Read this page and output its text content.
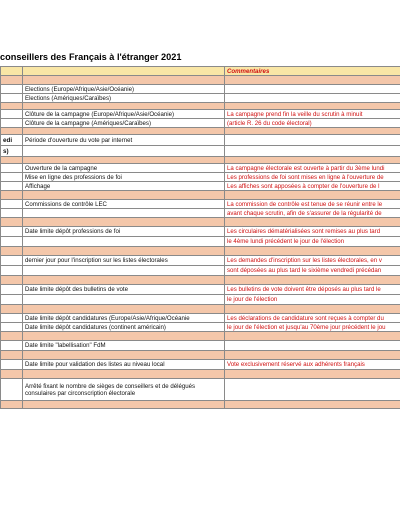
conseillers des Français à l'étranger 2021
		Commentaires

	Elections (Europe/Afrique/Asie/Océanie)	
	Elections (Amériques/Caraïbes)	

	Clôture de la campagne (Europe/Afrique/Asie/Océanie)	La campagne prend fin la veille du scrutin à minuit
	Clôture de la campagne (Amériques/Caraïbes)	(article R. 26 du code électoral)

edi	Période d'ouverture du vote par internet	
s)		

	Ouverture de la campagne	La campagne électorale est ouverte à partir du 3ème lundi
	Mise en ligne des professions de foi	Les professions de foi sont mises en ligne à l'ouverture de
	Affichage	Les affiches sont apposées à compter de l'ouverture de l

	Commissions de contrôle LEC	La commission de contrôle est tenue de se réunir entre le
		avant chaque scrutin, afin de s'assurer de la régularité de

	Date limite dépôt professions de foi	Les circulaires dématérialisées sont remises au plus tard
		le 4ème lundi précédent le jour de l'élection

	dernier jour pour l'inscription sur les listes électorales	Les demandes d'inscription sur les listes électorales, en v
		sont déposées au plus tard le sixième vendredi précédan

	Date limite dépôt des bulletins de vote	Les bulletins de vote doivent être déposés au plus tard le
		le jour de l'élection

	Date limite dépôt candidatures (Europe/Asie/Afrique/Océanie	Les déclarations de candidature sont reçues à compter du
	Date limite dépôt candidatures (continent américain)	le jour de l'élection et jusqu'au 70ème jour précédent le jou

	Date limite "labellisation" FdM	

	Date limite pour validation des listes au niveau local	Vote exclusivement réservé aux adhérents français

	Arrêté fixant le nombre de sièges de conseillers et de délégués consulaires par circonscription électorale	
